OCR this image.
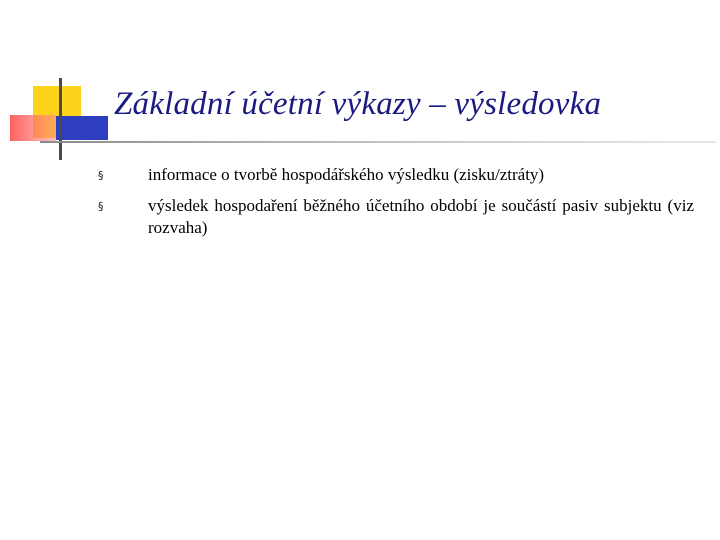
Základní účetní výkazy – výsledovka
§	informace o tvorbě hospodářského výsledku (zisku/ztráty)
§	výsledek hospodaření běžného účetního období je součástí pasiv subjektu (viz rozvaha)
